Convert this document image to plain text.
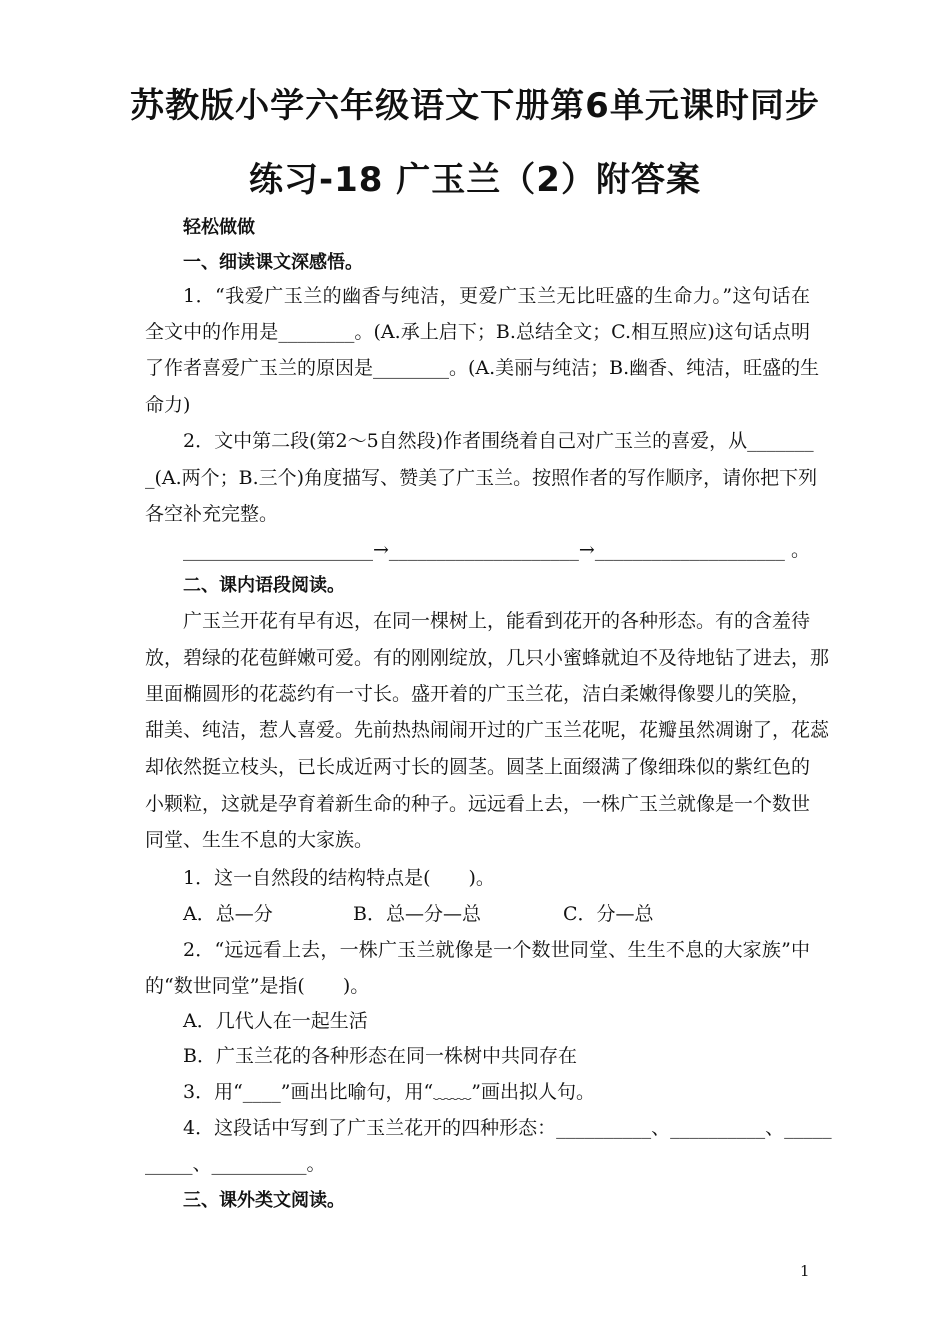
苏教版小学六年级语文下册第6单元课时同步
练习-18 广玉兰（2）附答案
轻松做做
一、细读课文深感悟。
1．“我爱广玉兰的幽香与纯洁，更爱广玉兰无比旺盛的生命力。”这句话在
全文中的作用是________。(A.承上启下；B.总结全文；C.相互照应)这句话点明
了作者喜爱广玉兰的原因是________。(A.美丽与纯洁；B.幽香、纯洁，旺盛的生
命力)
2．文中第二段(第2～5自然段)作者围绕着自己对广玉兰的喜爱，从_______
_(A.两个；B.三个)角度描写、赞美了广玉兰。按照作者的写作顺序，请你把下列
各空补充完整。
____________________→____________________→____________________。
二、课内语段阅读。
广玉兰开花有早有迟，在同一棵树上，能看到花开的各种形态。有的含羞待
放，碧绿的花苞鲜嫩可爱。有的刚刚绽放，几只小蜜蜂就迫不及待地钻了进去，那
里面椭圆形的花蕊约有一寸长。盛开着的广玉兰花，洁白柔嫩得像婴儿的笑脸，
甜美、纯洁，惹人喜爱。先前热热闹闹开过的广玉兰花呢，花瓣虽然凋谢了，花蕊
却依然挺立枝头，已长成近两寸长的圆茎。圆茎上面缀满了像细珠似的紫红色的
小颗粒，这就是孕育着新生命的种子。远远看上去，一株广玉兰就像是一个数世
同堂、生生不息的大家族。
1．这一自然段的结构特点是(　　)。
A．总—分	B．总—分—总	C．分—总
2．“远远看上去，一株广玉兰就像是一个数世同堂、生生不息的大家族”中
的“数世同堂”是指(　　)。
A．几代人在一起生活
B．广玉兰花的各种形态在同一株树中共同存在
3．用“____”画出比喻句，用“﹏﹏”画出拟人句。
4．这段话中写到了广玉兰花开的四种形态：__________、__________、_____
_____、__________。
三、课外类文阅读。
1
